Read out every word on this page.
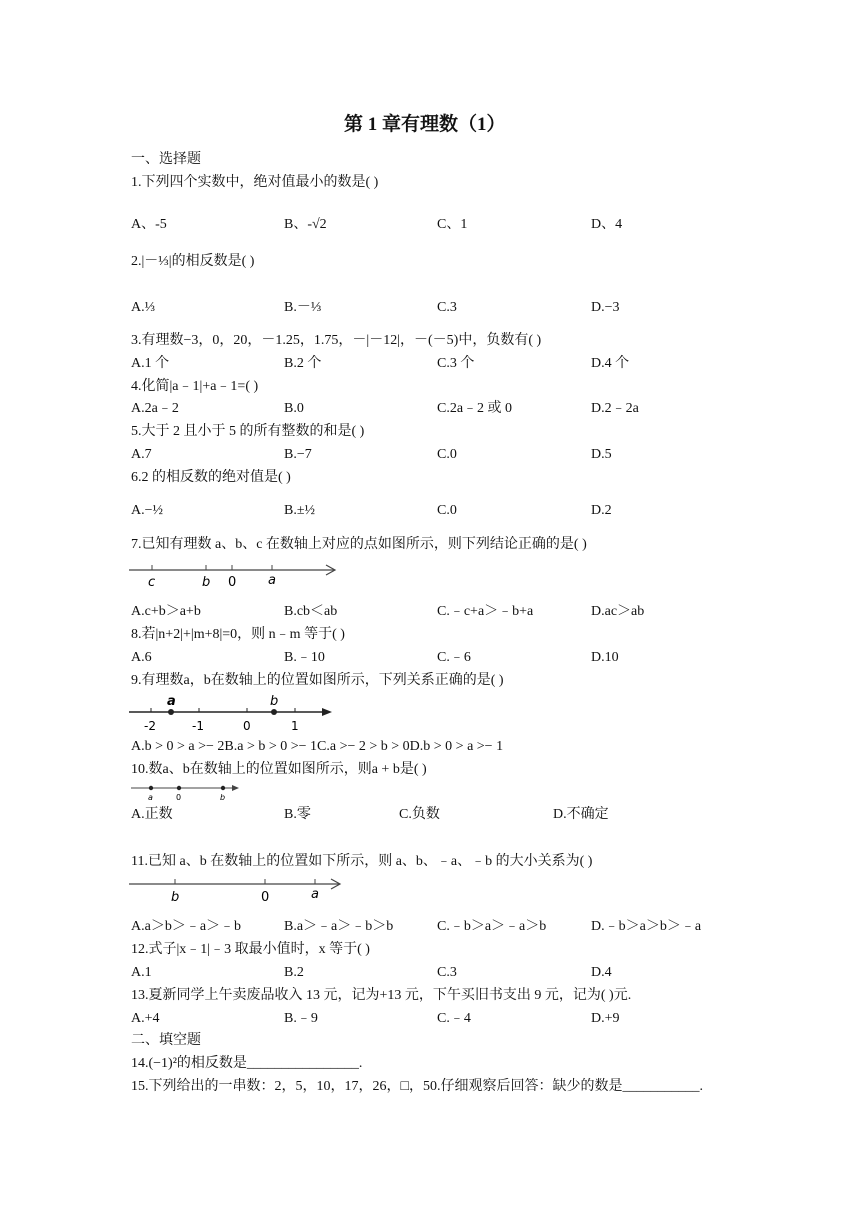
第 1 章有理数（1）
一、选择题
1.下列四个实数中，绝对值最小的数是( )
A、-5	B、-√2	C、1	D、4
2.|－⅓|的相反数是( )
A.⅓	B.－⅓	C.3	D.−3
3.有理数−3，0，20，－1.25，1.75，－|－12|，－(－5)中，负数有( )
A.1 个	B.2 个	C.3 个	D.4 个
4.化简|a﹣1|+a﹣1=( )
A.2a﹣2	B.0	C.2a﹣2 或 0	D.2﹣2a
5.大于 2 且小于 5 的所有整数的和是( )
A.7	B.−7	C.0	D.5
6.2 的相反数的绝对值是( )
A.−½	B.±½	C.0	D.2
7.已知有理数 a、b、c 在数轴上对应的点如图所示，则下列结论正确的是( )
c	b 0 a
A.c+b＞a+b	B.cb＜ab	C.﹣c+a＞﹣b+a	D.ac＞ab
8.若|n+2|+|m+8|=0，则 n﹣m 等于( )
A.6	B.﹣10	C.﹣6	D.10
9.有理数a，b在数轴上的位置如图所示，下列关系正确的是( )
a	b
-2	-1	0	1
A.b > 0 > a >− 2B.a > b > 0 >− 1C.a >− 2 > b > 0D.b > 0 > a >− 1
10.数a、b在数轴上的位置如图所示，则a + b是( )
a	0	b
A.正数	B.零	C.负数	D.不确定
11.已知 a、b 在数轴上的位置如下所示，则 a、b、﹣a、﹣b 的大小关系为( )
b	0	a
A.a＞b＞﹣a＞﹣b	B.a＞﹣a＞﹣b＞b	C.﹣b＞a＞﹣a＞b	D.﹣b＞a＞b＞﹣a
12.式子|x﹣1|﹣3 取最小值时，x 等于( )
A.1	B.2	C.3	D.4
13.夏新同学上午卖废品收入 13 元，记为+13 元，下午买旧书支出 9 元，记为( )元.
A.+4	B.﹣9	C.﹣4	D.+9
二、填空题
14.(−1)²的相反数是________________.
15.下列给出的一串数：2，5，10，17，26，□，50.仔细观察后回答：缺少的数是___________.
